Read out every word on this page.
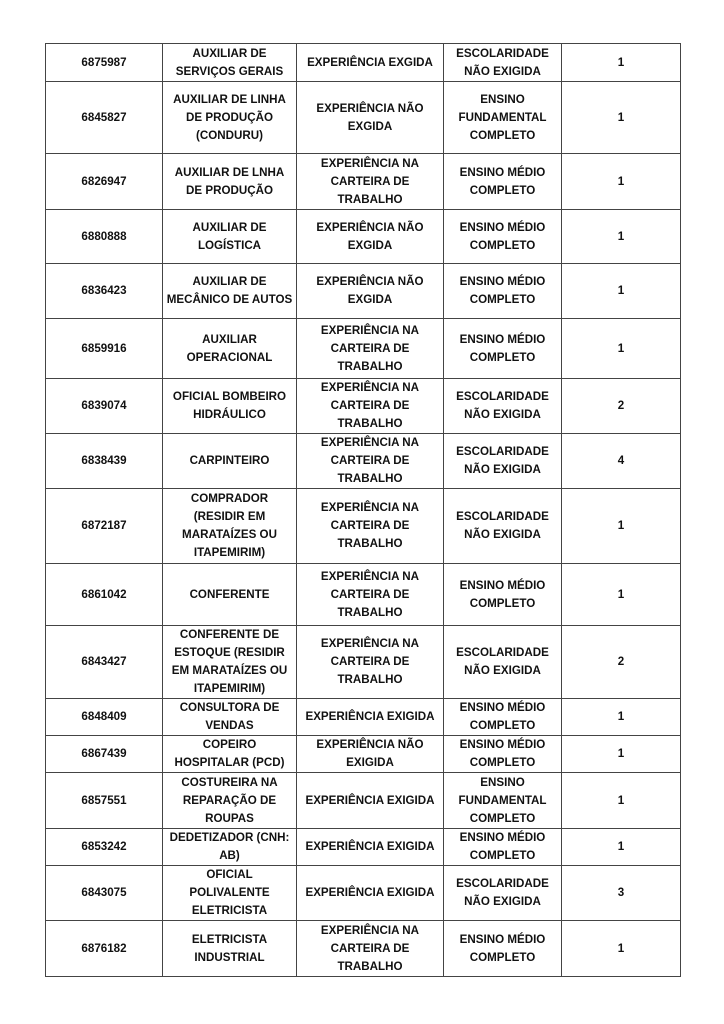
6875987	AUXILIAR DE
SERVIÇOS GERAIS	EXPERIÊNCIA EXGIDA	ESCOLARIDADE
NÃO EXIGIDA	1
6845827	AUXILIAR DE LINHA
DE PRODUÇÃO
(CONDURU)	EXPERIÊNCIA NÃO
EXGIDA	ENSINO
FUNDAMENTAL
COMPLETO	1
6826947	AUXILIAR DE LNHA
DE PRODUÇÃO	EXPERIÊNCIA NA
CARTEIRA DE
TRABALHO	ENSINO MÉDIO
COMPLETO	1
6880888	AUXILIAR DE
LOGÍSTICA	EXPERIÊNCIA NÃO
EXGIDA	ENSINO MÉDIO
COMPLETO	1
6836423	AUXILIAR DE
MECÂNICO DE AUTOS	EXPERIÊNCIA NÃO
EXGIDA	ENSINO MÉDIO
COMPLETO	1
6859916	AUXILIAR
OPERACIONAL	EXPERIÊNCIA NA
CARTEIRA DE
TRABALHO	ENSINO MÉDIO
COMPLETO	1
6839074	OFICIAL BOMBEIRO
HIDRÁULICO	EXPERIÊNCIA NA
CARTEIRA DE
TRABALHO	ESCOLARIDADE
NÃO EXIGIDA	2
6838439	CARPINTEIRO	EXPERIÊNCIA NA
CARTEIRA DE
TRABALHO	ESCOLARIDADE
NÃO EXIGIDA	4
6872187	COMPRADOR
(RESIDIR EM
MARATAÍZES OU
ITAPEMIRIM)	EXPERIÊNCIA NA
CARTEIRA DE
TRABALHO	ESCOLARIDADE
NÃO EXIGIDA	1
6861042	CONFERENTE	EXPERIÊNCIA NA
CARTEIRA DE
TRABALHO	ENSINO MÉDIO
COMPLETO	1
6843427	CONFERENTE DE
ESTOQUE (RESIDIR
EM MARATAÍZES OU
ITAPEMIRIM)	EXPERIÊNCIA NA
CARTEIRA DE
TRABALHO	ESCOLARIDADE
NÃO EXIGIDA	2
6848409	CONSULTORA DE
VENDAS	EXPERIÊNCIA EXIGIDA	ENSINO MÉDIO
COMPLETO	1
6867439	COPEIRO
HOSPITALAR (PCD)	EXPERIÊNCIA NÃO
EXIGIDA	ENSINO MÉDIO
COMPLETO	1
6857551	COSTUREIRA NA
REPARAÇÃO DE
ROUPAS	EXPERIÊNCIA EXIGIDA	ENSINO
FUNDAMENTAL
COMPLETO	1
6853242	DEDETIZADOR (CNH:
AB)	EXPERIÊNCIA EXIGIDA	ENSINO MÉDIO
COMPLETO	1
6843075	OFICIAL POLIVALENTE
ELETRICISTA	EXPERIÊNCIA EXIGIDA	ESCOLARIDADE
NÃO EXIGIDA	3
6876182	ELETRICISTA
INDUSTRIAL	EXPERIÊNCIA NA
CARTEIRA DE
TRABALHO	ENSINO MÉDIO
COMPLETO	1
